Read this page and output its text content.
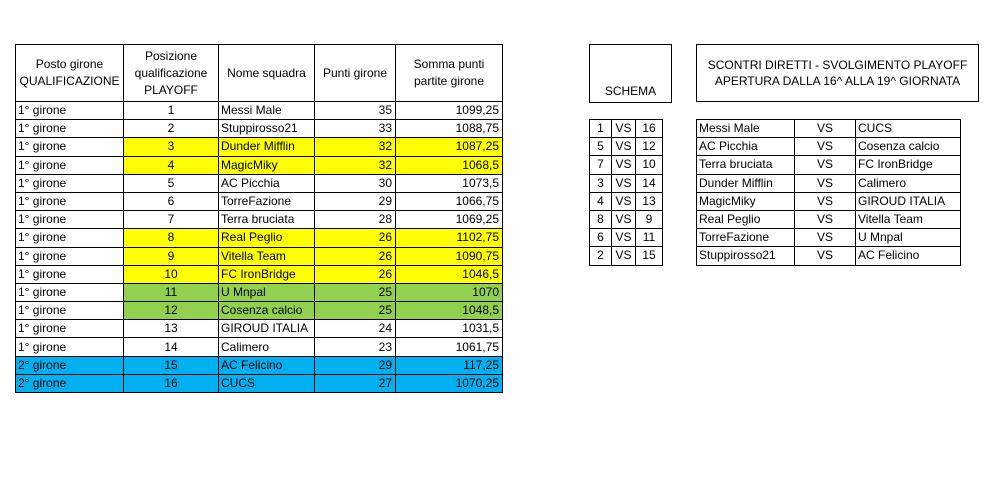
Posto girone QUALIFICAZIONE	Posizione qualificazione PLAYOFF	Nome squadra	Punti girone	Somma punti partite girone
1° girone	1	Messi Male	35	1099,25
1° girone	2	Stuppirosso21	33	1088,75
1° girone	3	Dunder Mifflin	32	1087,25
1° girone	4	MagicMiky	32	1068,5
1° girone	5	AC Picchia	30	1073,5
1° girone	6	TorreFazione	29	1066,75
1° girone	7	Terra bruciata	28	1069,25
1° girone	8	Real Peglio	26	1102,75
1° girone	9	Vitella Team	26	1090,75
1° girone	10	FC IronBridge	26	1046,5
1° girone	11	U Mnpal	25	1070
1° girone	12	Cosenza calcio	25	1048,5
1° girone	13	GIROUD ITALIA	24	1031,5
1° girone	14	Calimero	23	1061,75
2° girone	15	AC Felicino	29	117,25
2° girone	16	CUCS	27	1070,25
SCHEMA
1	VS	16
5	VS	12
7	VS	10
3	VS	14
4	VS	13
8	VS	9
6	VS	11
2	VS	15
SCONTRI DIRETTI - SVOLGIMENTO PLAYOFF
APERTURA DALLA 16^ ALLA 19^ GIORNATA
Messi Male	VS	CUCS
AC Picchia	VS	Cosenza calcio
Terra bruciata	VS	FC IronBridge
Dunder Mifflin	VS	Calimero
MagicMiky	VS	GIROUD ITALIA
Real Peglio	VS	Vitella Team
TorreFazione	VS	U Mnpal
Stuppirosso21	VS	AC Felicino
